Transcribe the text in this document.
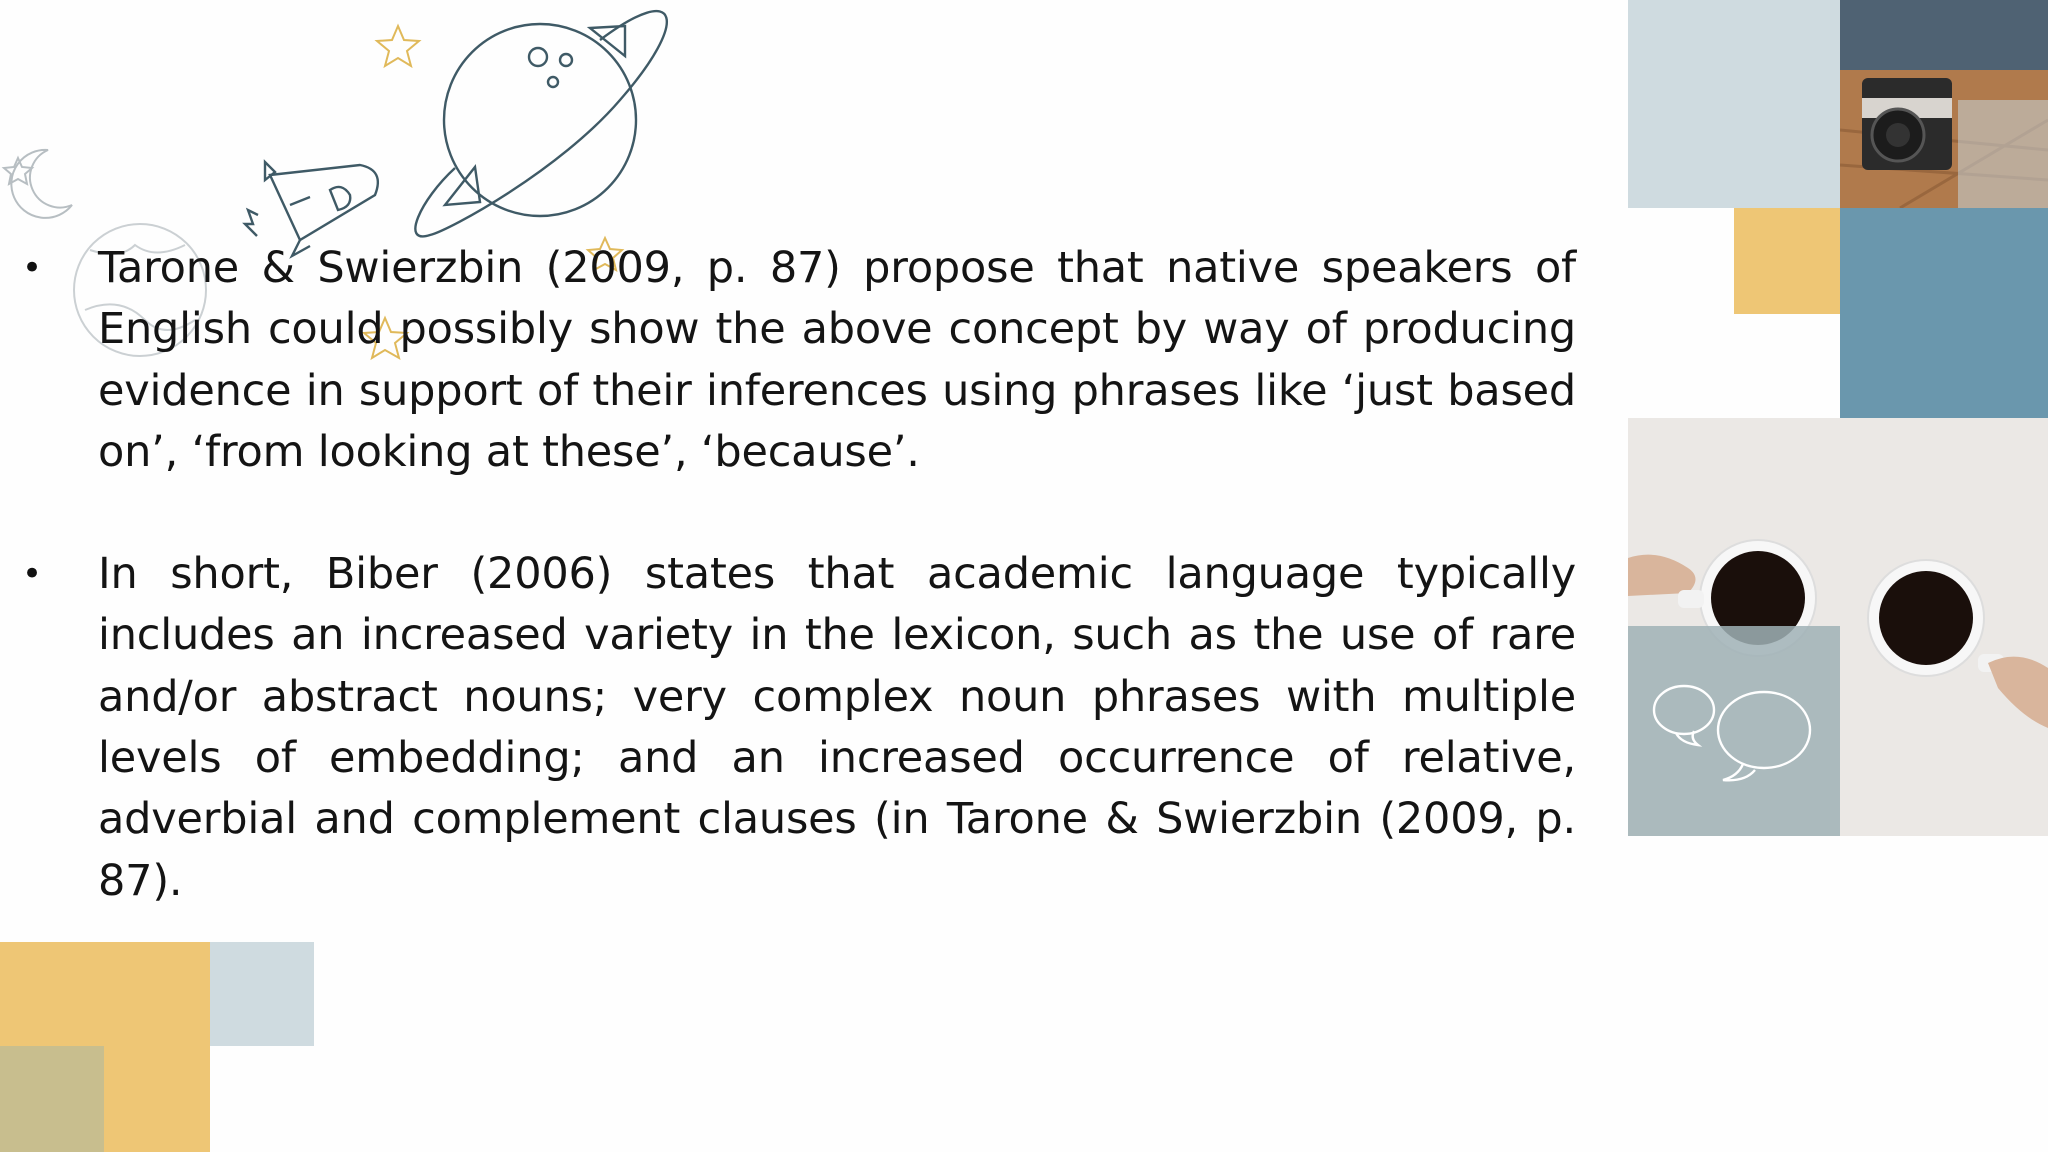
• Tarone & Swierzbin (2009, p. 87) propose that native speakers of English could possibly show the above concept by way of producing evidence in support of their inferences using phrases like ‘just based on’, ‘from looking at these’, ‘because’.

• In short, Biber (2006) states that academic language typically includes an increased variety in the lexicon, such as the use of rare and/or abstract nouns; very complex noun phrases with multiple levels of embedding; and an increased occurrence of relative, adverbial and complement clauses (in Tarone & Swierzbin (2009, p. 87).
